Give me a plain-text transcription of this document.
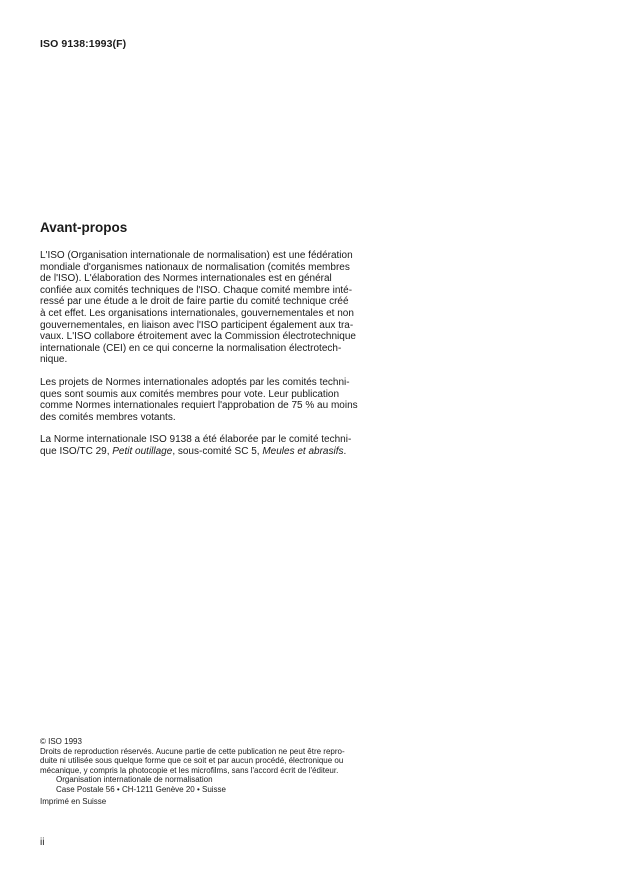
ISO 9138:1993(F)
Avant-propos

L'ISO (Organisation internationale de normalisation) est une fédération
mondiale d'organismes nationaux de normalisation (comités membres
de l'ISO). L'élaboration des Normes internationales est en général
confiée aux comités techniques de l'ISO. Chaque comité membre inté-
ressé par une étude a le droit de faire partie du comité technique créé
à cet effet. Les organisations internationales, gouvernementales et non
gouvernementales, en liaison avec l'ISO participent également aux tra-
vaux. L'ISO collabore étroitement avec la Commission électrotechnique
internationale (CEI) en ce qui concerne la normalisation électrotech-
nique.

Les projets de Normes internationales adoptés par les comités techni-
ques sont soumis aux comités membres pour vote. Leur publication
comme Normes internationales requiert l'approbation de 75 % au moins
des comités membres votants.

La Norme internationale ISO 9138 a été élaborée par le comité techni-
que ISO/TC 29, Petit outillage, sous-comité SC 5, Meules et abrasifs.

© ISO 1993
Droits de reproduction réservés. Aucune partie de cette publication ne peut être repro-
duite ni utilisée sous quelque forme que ce soit et par aucun procédé, électronique ou
mécanique, y compris la photocopie et les microfilms, sans l'accord écrit de l'éditeur.
Organisation internationale de normalisation
Case Postale 56 • CH-1211 Genève 20 • Suisse
Imprimé en Suisse
ii
